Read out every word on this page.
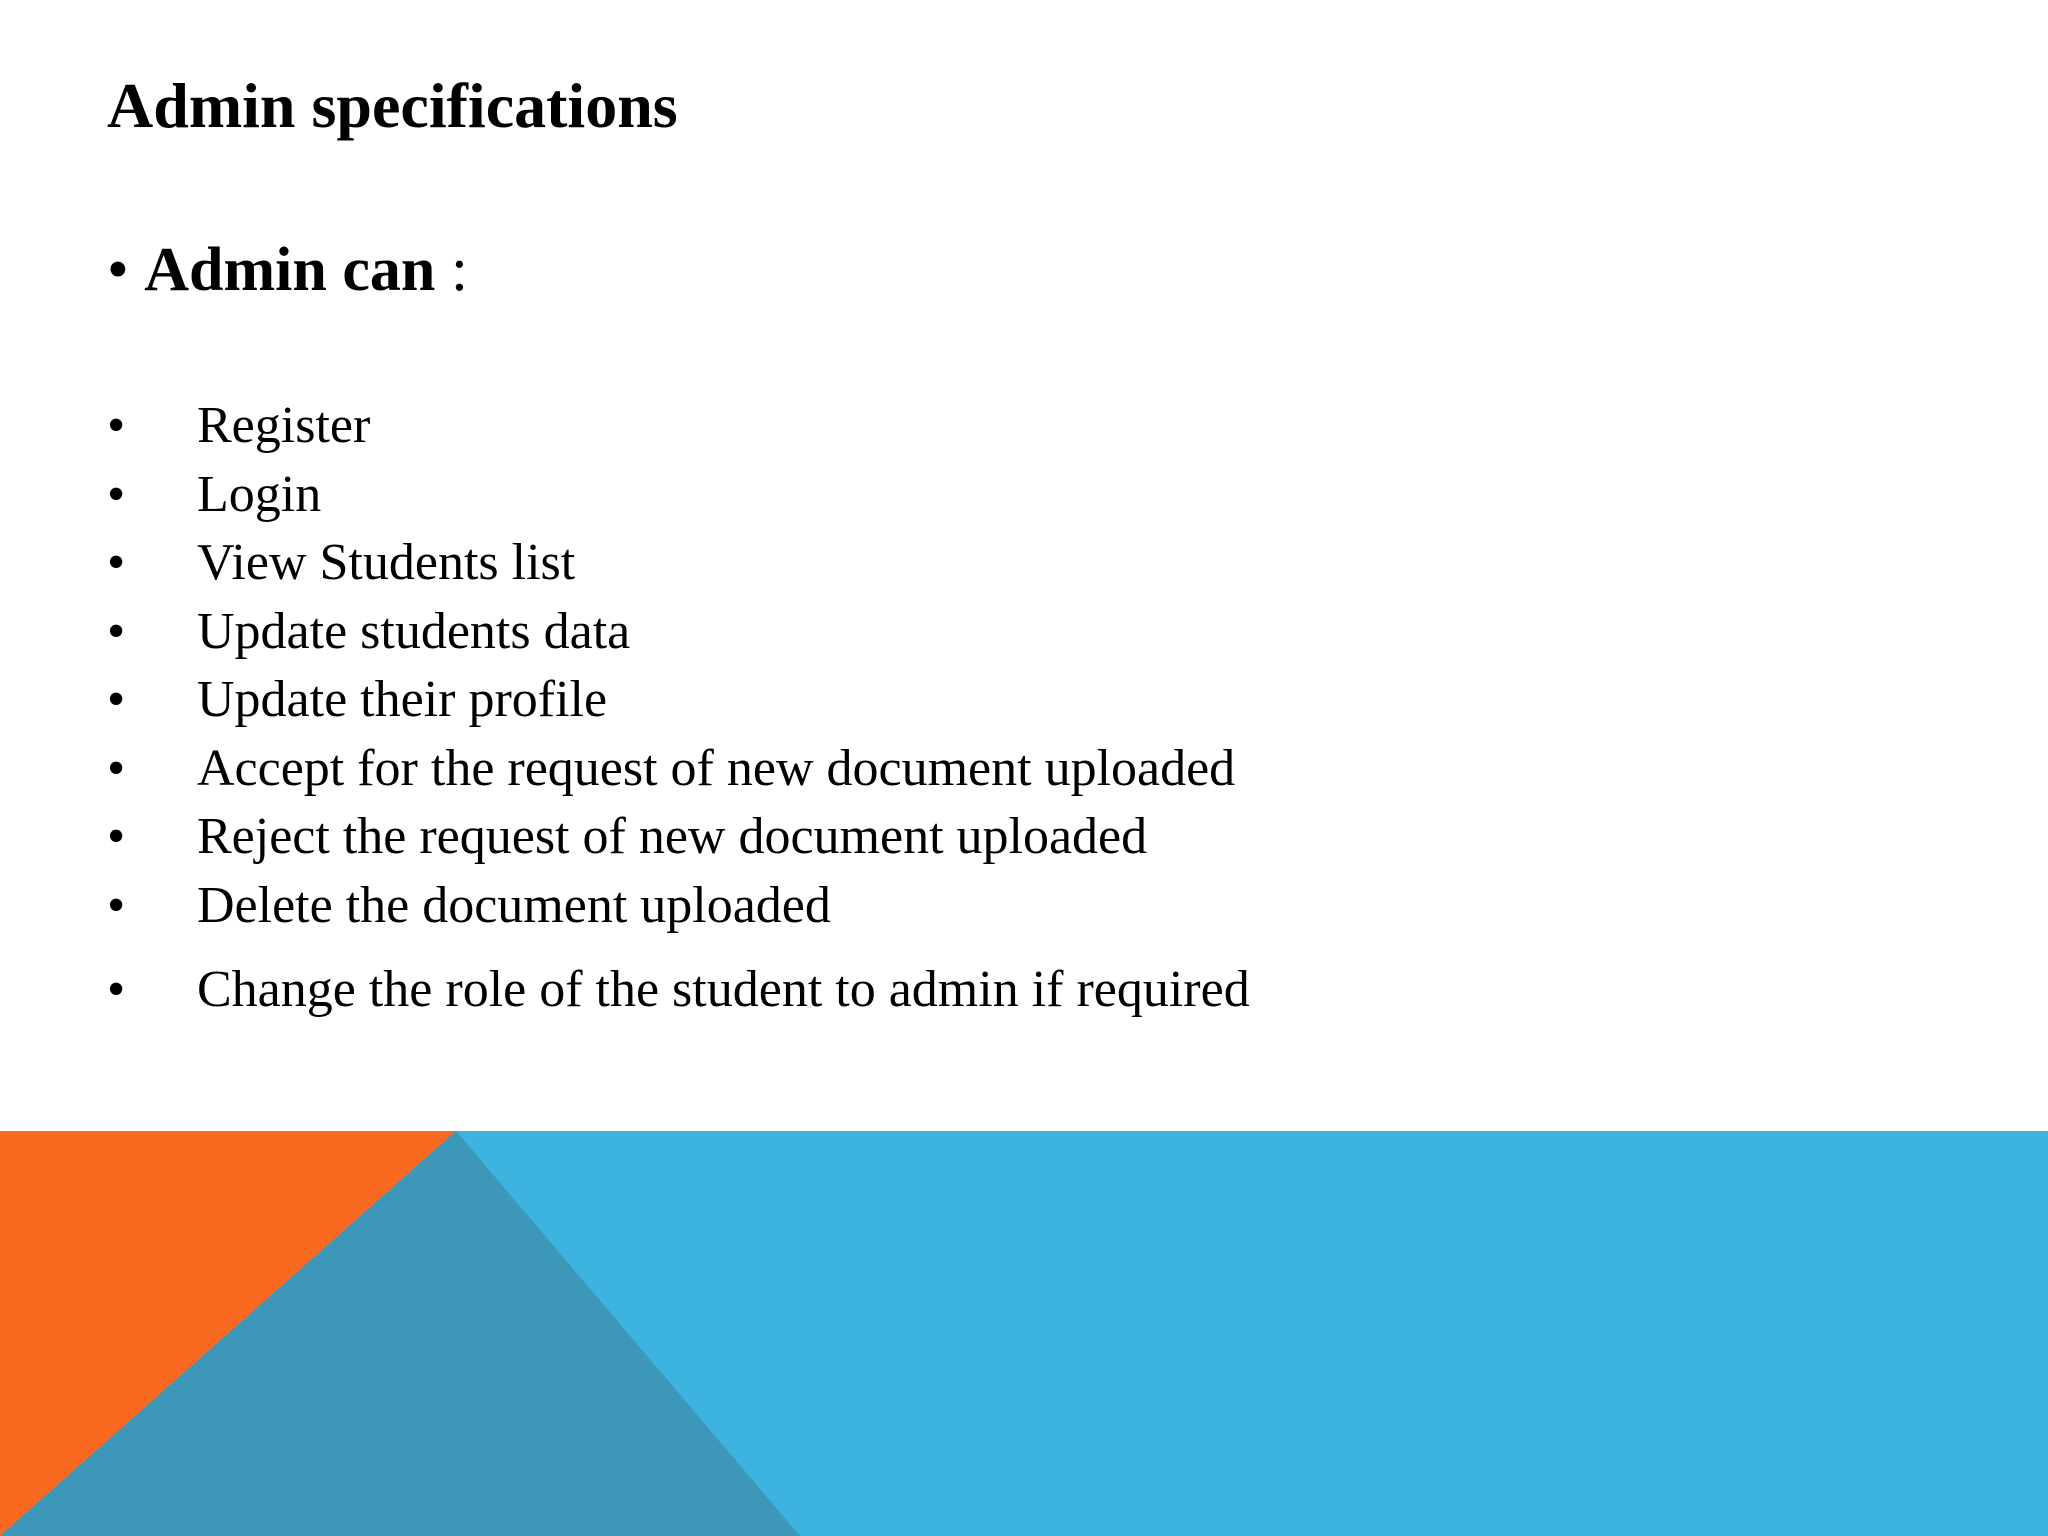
Admin specifications
• Admin can :
• Register
• Login
• View Students list
• Update students data
• Update their profile
• Accept for the request of new document uploaded
• Reject the request of new document uploaded
• Delete the document uploaded
• Change the role of the student to admin if required
